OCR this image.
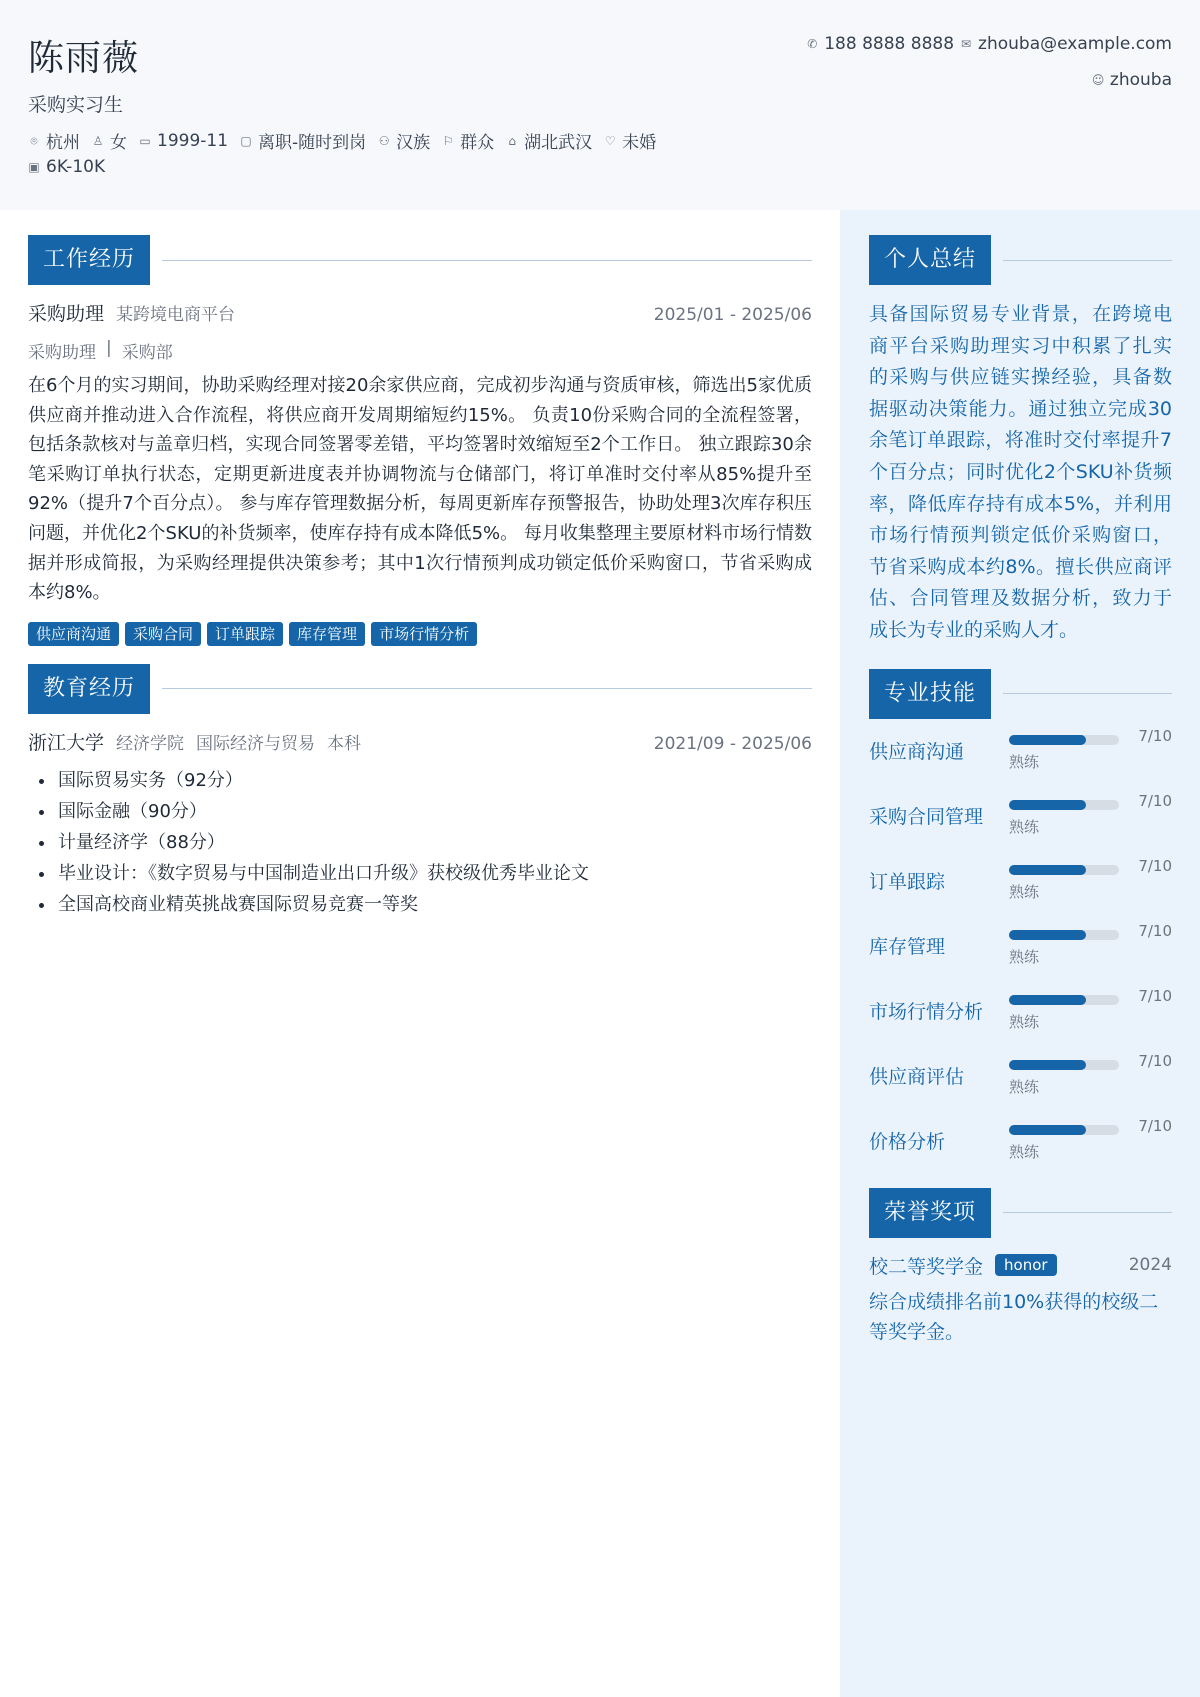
陈雨薇
采购实习生
⌾ 杭州 ♙ 女 ▭ 1999-11 ▢ 离职-随时到岗 ⚇ 汉族 ⚐ 群众 ⌂ 湖北武汉 ♡ 未婚
▣ 6K-10K
✆ 188 8888 8888 ✉ zhouba@example.com
☺ zhouba
工作经历
采购助理 某跨境电商平台	2025/01 - 2025/06
采购助理 | 采购部
在6个月的实习期间，协助采购经理对接20余家供应商，完成初步沟通与资质审核，筛选出5家优质供应商并推动进入合作流程，将供应商开发周期缩短约15%。 负责10份采购合同的全流程签署，包括条款核对与盖章归档，实现合同签署零差错，平均签署时效缩短至2个工作日。 独立跟踪30余笔采购订单执行状态，定期更新进度表并协调物流与仓储部门，将订单准时交付率从85%提升至92%（提升7个百分点）。 参与库存管理数据分析，每周更新库存预警报告，协助处理3次库存积压问题，并优化2个SKU的补货频率，使库存持有成本降低5%。 每月收集整理主要原材料市场行情数据并形成简报，为采购经理提供决策参考；其中1次行情预判成功锁定低价采购窗口，节省采购成本约8%。
供应商沟通	采购合同	订单跟踪	库存管理	市场行情分析
教育经历
浙江大学 经济学院 国际经济与贸易 本科	2021/09 - 2025/06
• 国际贸易实务（92分）
• 国际金融（90分）
• 计量经济学（88分）
• 毕业设计：《数字贸易与中国制造业出口升级》获校级优秀毕业论文
• 全国高校商业精英挑战赛国际贸易竞赛一等奖
个人总结
具备国际贸易专业背景，在跨境电商平台采购助理实习中积累了扎实的采购与供应链实操经验，具备数据驱动决策能力。通过独立完成30余笔订单跟踪，将准时交付率提升7个百分点；同时优化2个SKU补货频率，降低库存持有成本5%，并利用市场行情预判锁定低价采购窗口，节省采购成本约8%。擅长供应商评估、合同管理及数据分析，致力于成长为专业的采购人才。
专业技能
供应商沟通
7/10
熟练
采购合同管理
7/10
熟练
订单跟踪
7/10
熟练
库存管理
7/10
熟练
市场行情分析
7/10
熟练
供应商评估
7/10
熟练
价格分析
7/10
熟练
荣誉奖项
校二等奖学金	honor	2024
综合成绩排名前10%获得的校级二等奖学金。
